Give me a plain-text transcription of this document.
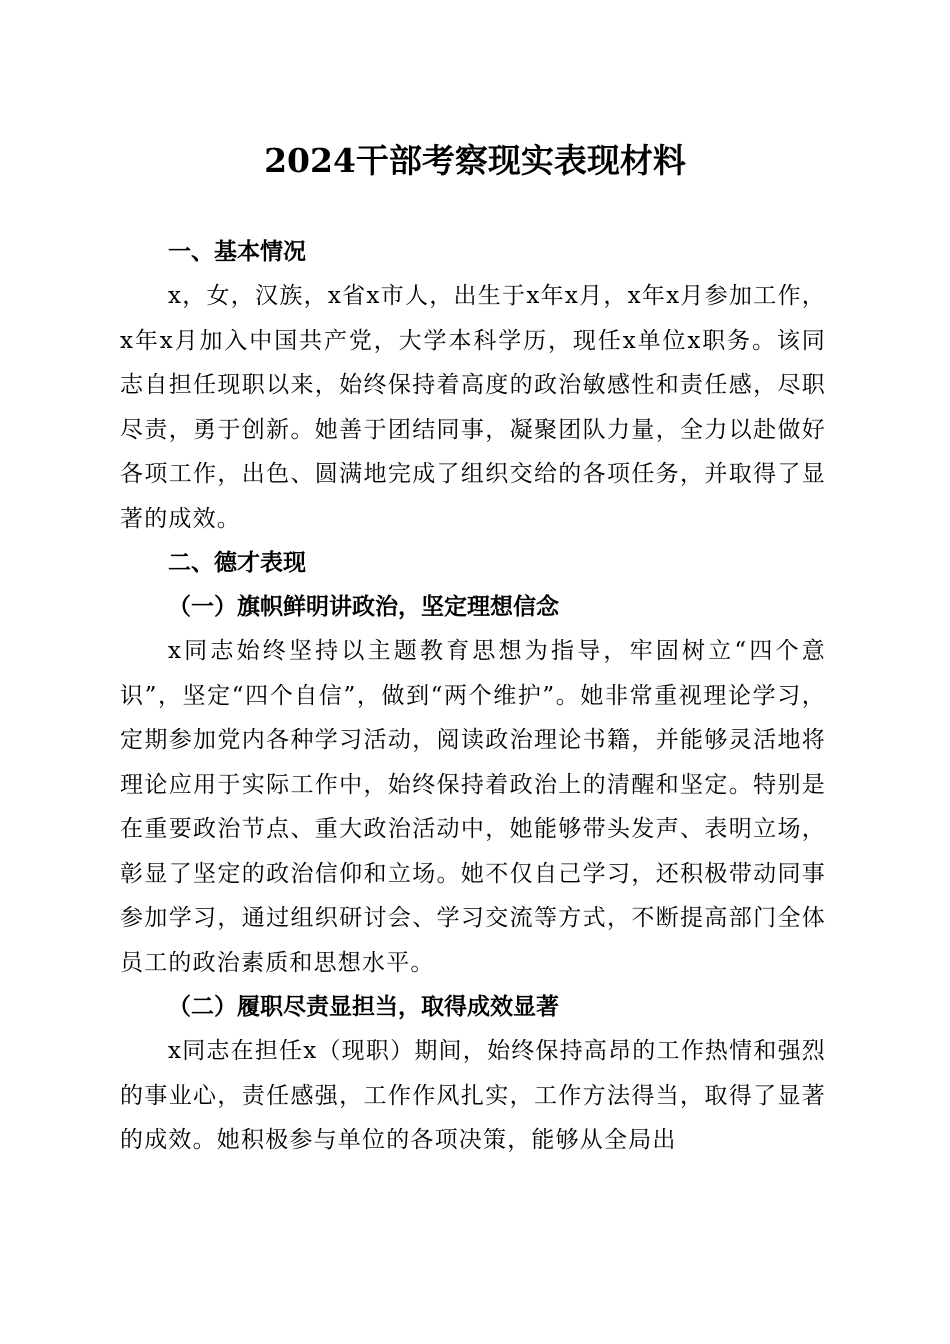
2024干部考察现实表现材料

一、基本情况

x，女，汉族，x省x市人，出生于x年x月，x年x月参加工作，x年x月加入中国共产党，大学本科学历，现任x单位x职务。该同志自担任现职以来，始终保持着高度的政治敏感性和责任感，尽职尽责，勇于创新。她善于团结同事，凝聚团队力量，全力以赴做好各项工作，出色、圆满地完成了组织交给的各项任务，并取得了显著的成效。

二、德才表现

（一）旗帜鲜明讲政治，坚定理想信念

x同志始终坚持以主题教育思想为指导，牢固树立“四个意识”，坚定“四个自信”，做到“两个维护”。她非常重视理论学习，定期参加党内各种学习活动，阅读政治理论书籍，并能够灵活地将理论应用于实际工作中，始终保持着政治上的清醒和坚定。特别是在重要政治节点、重大政治活动中，她能够带头发声、表明立场，彰显了坚定的政治信仰和立场。她不仅自己学习，还积极带动同事参加学习，通过组织研讨会、学习交流等方式，不断提高部门全体员工的政治素质和思想水平。

（二）履职尽责显担当，取得成效显著

x同志在担任x（现职）期间，始终保持高昂的工作热情和强烈的事业心，责任感强，工作作风扎实，工作方法得当，取得了显著的成效。她积极参与单位的各项决策，能够从全局出
